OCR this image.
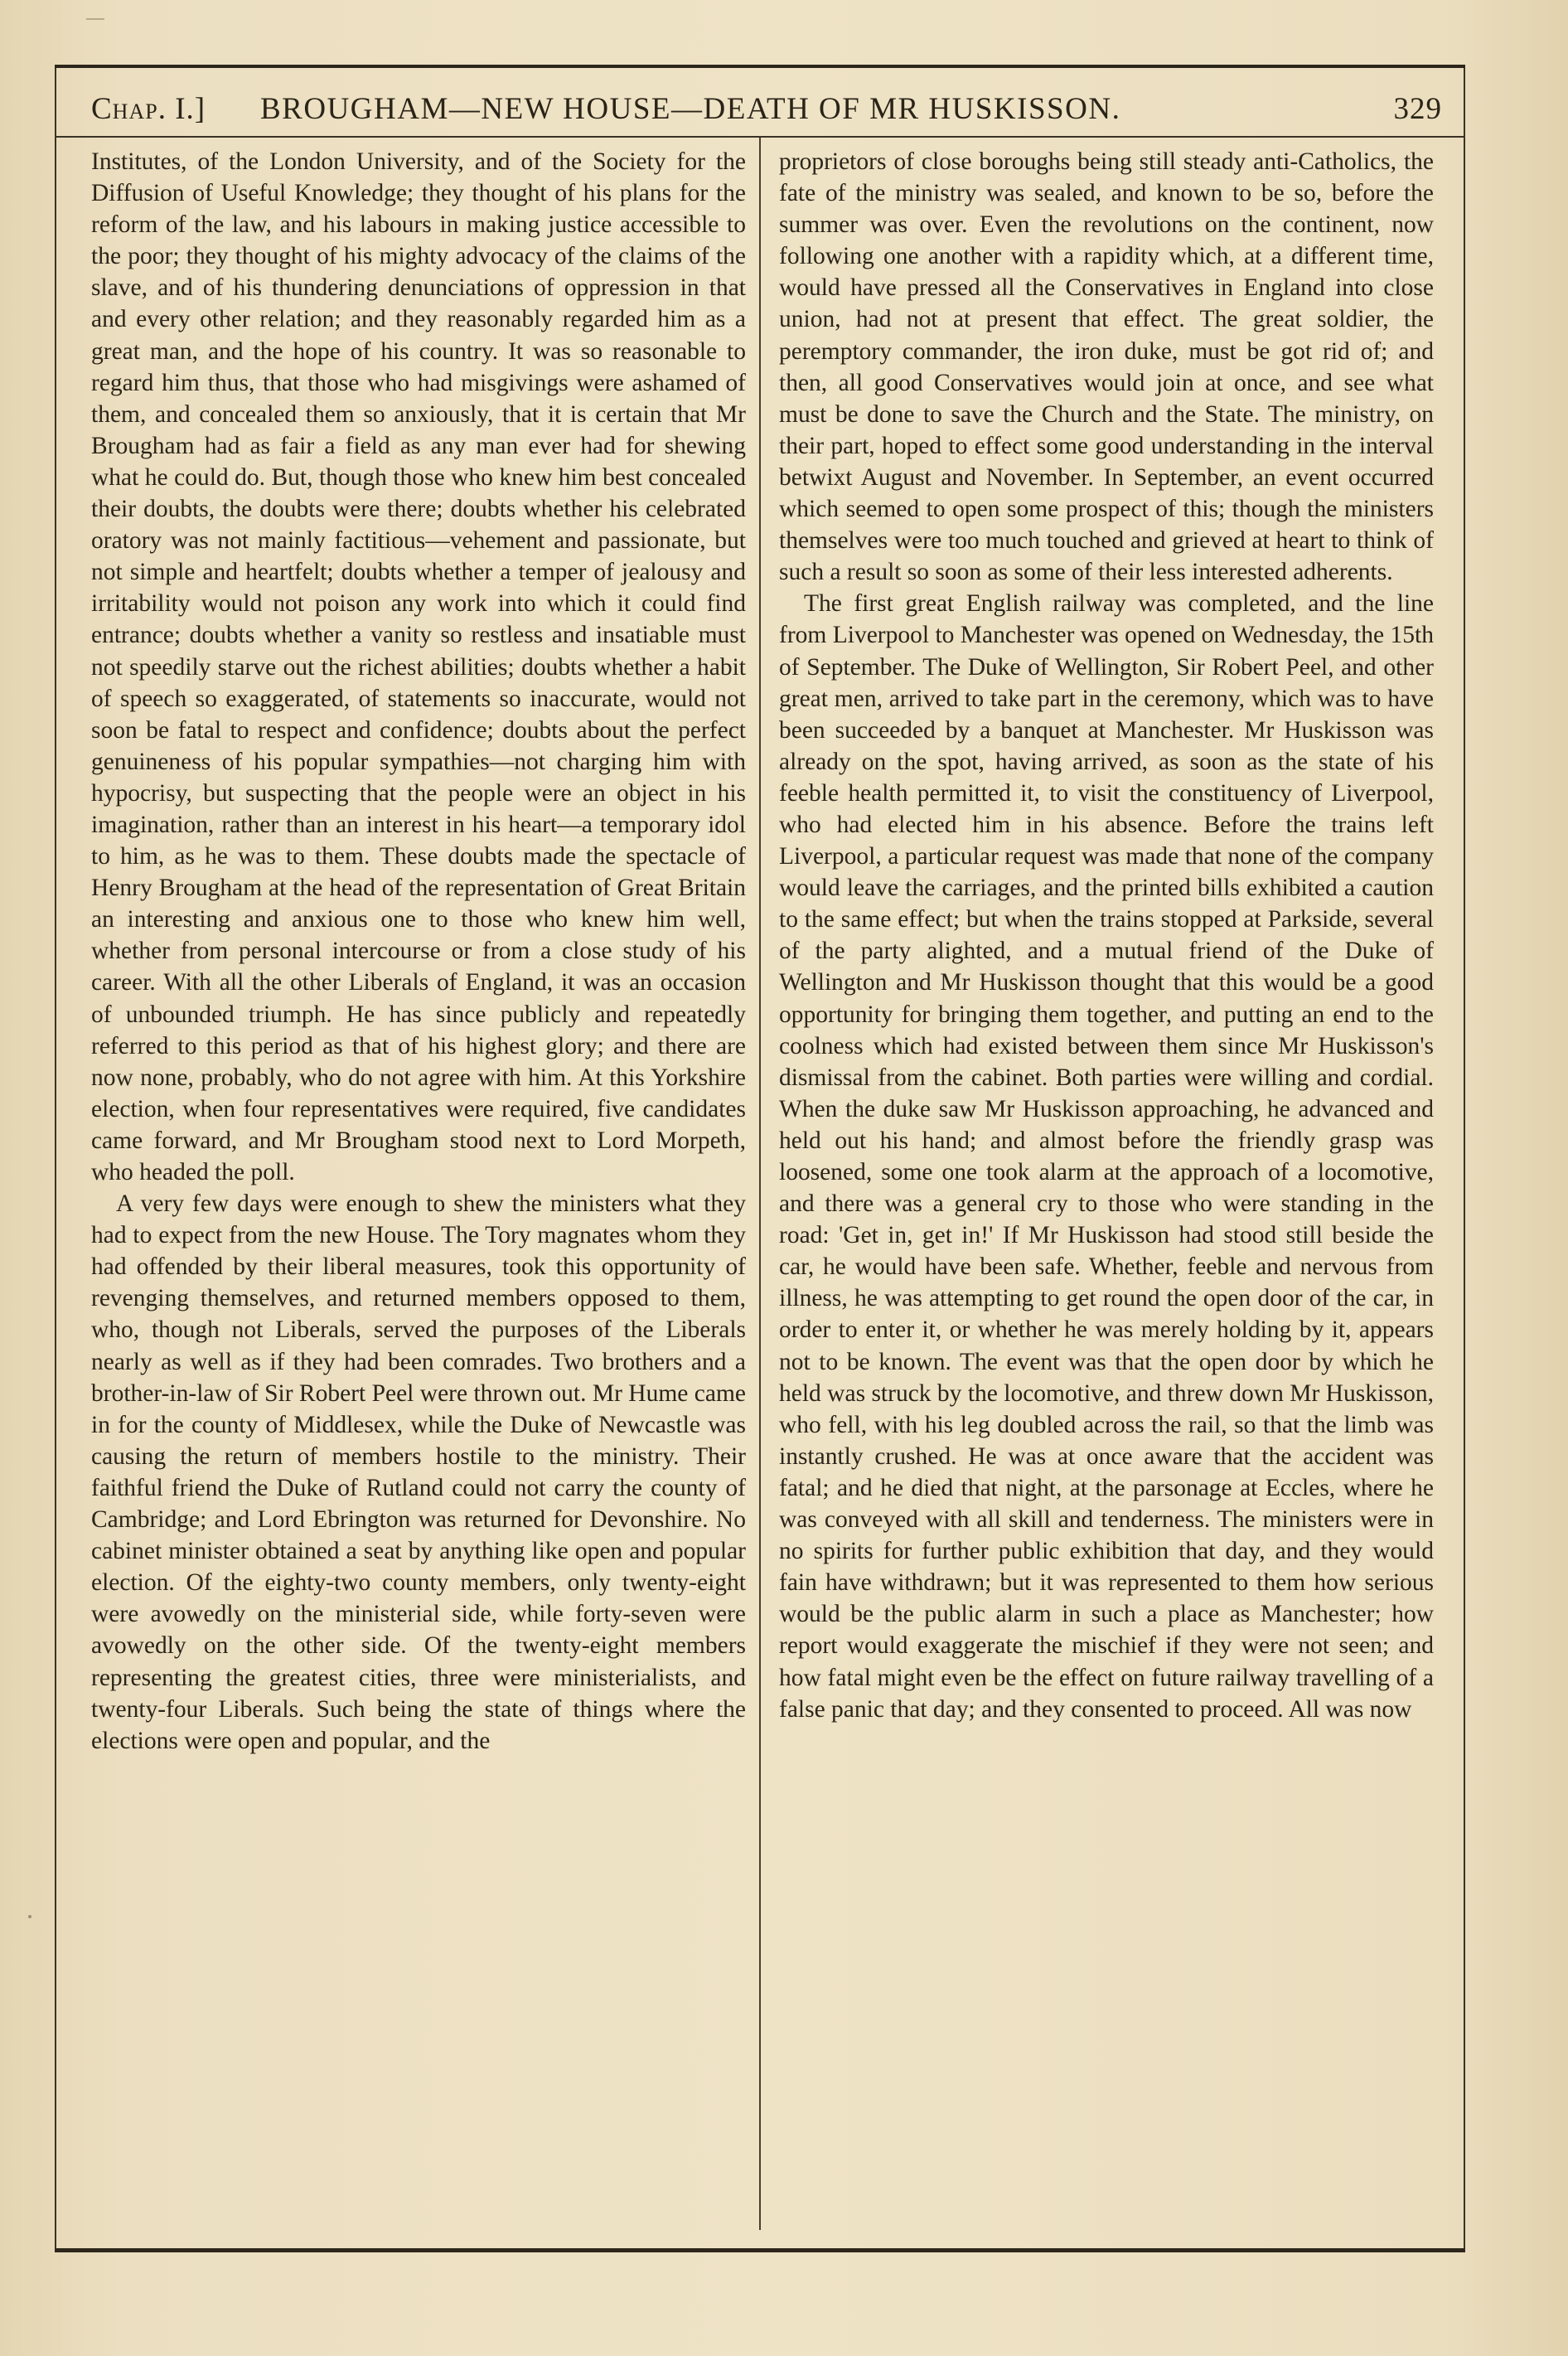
Chap. I.] BROUGHAM—NEW HOUSE—DEATH OF MR HUSKISSON.	329

Institutes, of the London University, and of the Society for the Diffusion of Useful Knowledge; they thought of his plans for the reform of the law, and his labours in making justice accessible to the poor; they thought of his mighty advocacy of the claims of the slave, and of his thundering denunciations of oppression in that and every other relation; and they reasonably regarded him as a great man, and the hope of his country. It was so reasonable to regard him thus, that those who had misgivings were ashamed of them, and concealed them so anxiously, that it is certain that Mr Brougham had as fair a field as any man ever had for shewing what he could do. But, though those who knew him best concealed their doubts, the doubts were there; doubts whether his celebrated oratory was not mainly factitious—vehement and passionate, but not simple and heartfelt; doubts whether a temper of jealousy and irritability would not poison any work into which it could find entrance; doubts whether a vanity so restless and insatiable must not speedily starve out the richest abilities; doubts whether a habit of speech so exaggerated, of statements so inaccurate, would not soon be fatal to respect and confidence; doubts about the perfect genuineness of his popular sympathies—not charging him with hypocrisy, but suspecting that the people were an object in his imagination, rather than an interest in his heart—a temporary idol to him, as he was to them. These doubts made the spectacle of Henry Brougham at the head of the representation of Great Britain an interesting and anxious one to those who knew him well, whether from personal intercourse or from a close study of his career. With all the other Liberals of England, it was an occasion of unbounded triumph. He has since publicly and repeatedly referred to this period as that of his highest glory; and there are now none, probably, who do not agree with him. At this Yorkshire election, when four representatives were required, five candidates came forward, and Mr Brougham stood next to Lord Morpeth, who headed the poll.

A very few days were enough to shew the ministers what they had to expect from the new House. The Tory magnates whom they had offended by their liberal measures, took this opportunity of revenging themselves, and returned members opposed to them, who, though not Liberals, served the purposes of the Liberals nearly as well as if they had been comrades. Two brothers and a brother-in-law of Sir Robert Peel were thrown out. Mr Hume came in for the county of Middlesex, while the Duke of Newcastle was causing the return of members hostile to the ministry. Their faithful friend the Duke of Rutland could not carry the county of Cambridge; and Lord Ebrington was returned for Devonshire. No cabinet minister obtained a seat by anything like open and popular election. Of the eighty-two county members, only twenty-eight were avowedly on the ministerial side, while forty-seven were avowedly on the other side. Of the twenty-eight members representing the greatest cities, three were ministerialists, and twenty-four Liberals. Such being the state of things where the elections were open and popular, and the

proprietors of close boroughs being still steady anti-Catholics, the fate of the ministry was sealed, and known to be so, before the summer was over. Even the revolutions on the continent, now following one another with a rapidity which, at a different time, would have pressed all the Conservatives in England into close union, had not at present that effect. The great soldier, the peremptory commander, the iron duke, must be got rid of; and then, all good Conservatives would join at once, and see what must be done to save the Church and the State. The ministry, on their part, hoped to effect some good understanding in the interval betwixt August and November. In September, an event occurred which seemed to open some prospect of this; though the ministers themselves were too much touched and grieved at heart to think of such a result so soon as some of their less interested adherents.

The first great English railway was completed, and the line from Liverpool to Manchester was opened on Wednesday, the 15th of September. The Duke of Wellington, Sir Robert Peel, and other great men, arrived to take part in the ceremony, which was to have been succeeded by a banquet at Manchester. Mr Huskisson was already on the spot, having arrived, as soon as the state of his feeble health permitted it, to visit the constituency of Liverpool, who had elected him in his absence. Before the trains left Liverpool, a particular request was made that none of the company would leave the carriages, and the printed bills exhibited a caution to the same effect; but when the trains stopped at Parkside, several of the party alighted, and a mutual friend of the Duke of Wellington and Mr Huskisson thought that this would be a good opportunity for bringing them together, and putting an end to the coolness which had existed between them since Mr Huskisson's dismissal from the cabinet. Both parties were willing and cordial. When the duke saw Mr Huskisson approaching, he advanced and held out his hand; and almost before the friendly grasp was loosened, some one took alarm at the approach of a locomotive, and there was a general cry to those who were standing in the road: 'Get in, get in!' If Mr Huskisson had stood still beside the car, he would have been safe. Whether, feeble and nervous from illness, he was attempting to get round the open door of the car, in order to enter it, or whether he was merely holding by it, appears not to be known. The event was that the open door by which he held was struck by the locomotive, and threw down Mr Huskisson, who fell, with his leg doubled across the rail, so that the limb was instantly crushed. He was at once aware that the accident was fatal; and he died that night, at the parsonage at Eccles, where he was conveyed with all skill and tenderness. The ministers were in no spirits for further public exhibition that day, and they would fain have withdrawn; but it was represented to them how serious would be the public alarm in such a place as Manchester; how report would exaggerate the mischief if they were not seen; and how fatal might even be the effect on future railway travelling of a false panic that day; and they consented to proceed. All was now
